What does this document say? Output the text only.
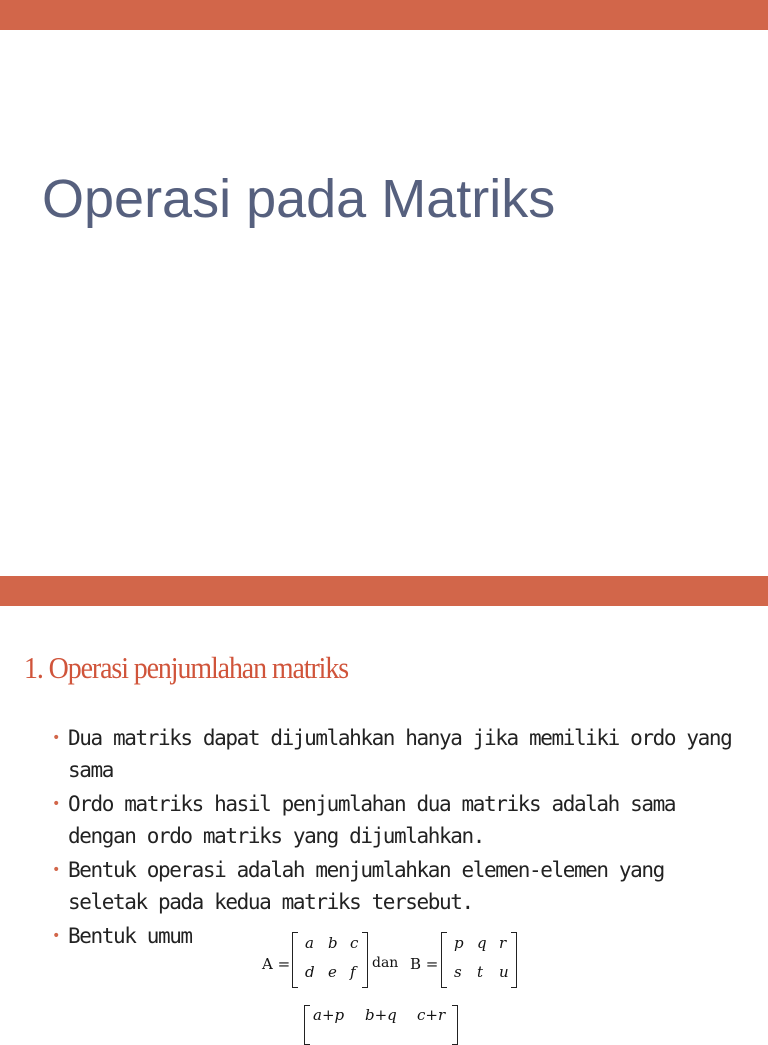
Operasi pada Matriks
1. Operasi penjumlahan matriks
• Dua matriks dapat dijumlahkan hanya jika memiliki ordo yang sama
• Ordo matriks hasil penjumlahan dua matriks adalah sama dengan ordo matriks yang dijumlahkan.
• Bentuk operasi adalah menjumlahkan elemen-elemen yang seletak pada kedua matriks tersebut.
• Bentuk umum
A =
a b c
d e f dan B =
p q r
s t u
a+p b+q c+r
